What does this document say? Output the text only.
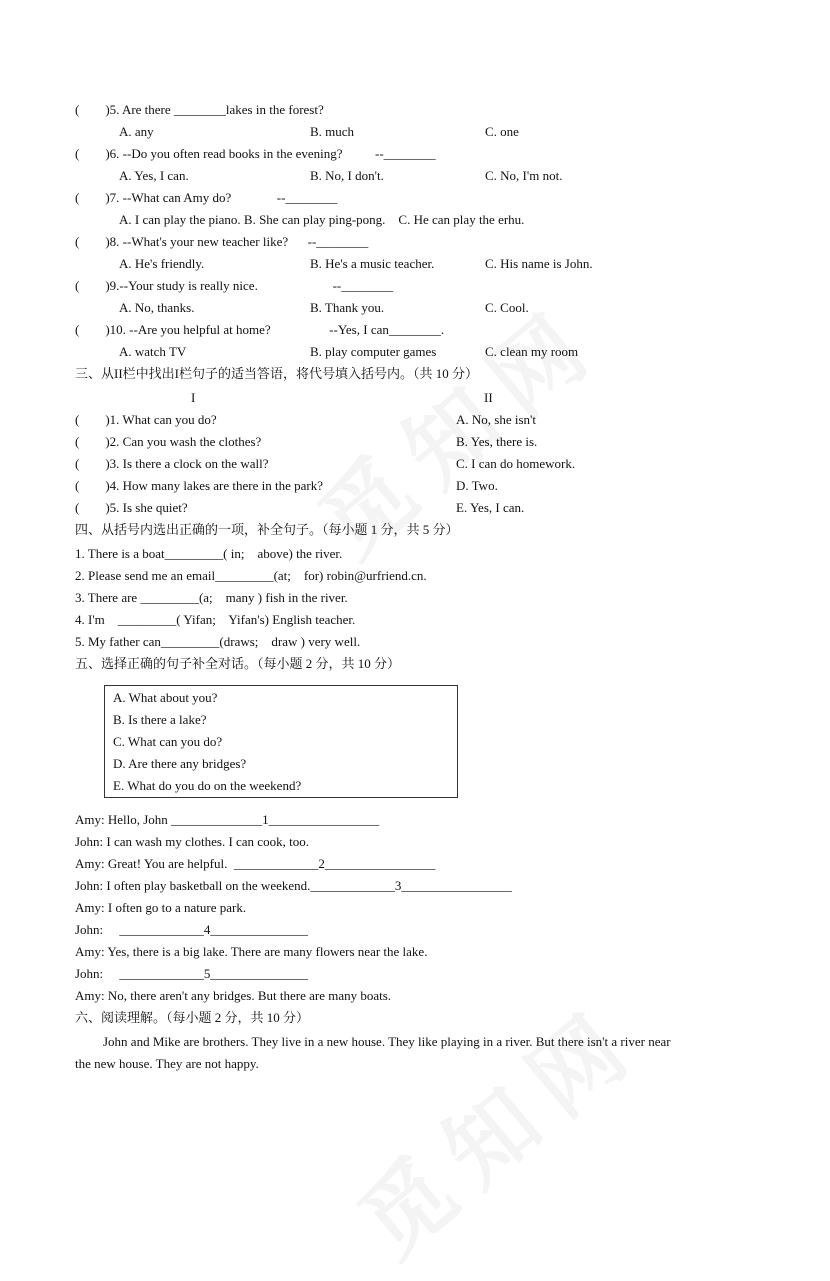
(        )5. Are there ________lakes in the forest?
A. any	B. much	C. one
(        )6. --Do you often read books in the evening?          --________
A. Yes, I can.	B. No, I don't.	C. No, I'm not.
(        )7. --What can Amy do?              --________
A. I can play the piano. B. She can play ping-pong.    C. He can play the erhu.
(        )8. --What's your new teacher like?      --________
A. He's friendly.	B. He's a music teacher.	C. His name is John.
(        )9.--Your study is really nice.                       --________
A. No, thanks.	B. Thank you.	C. Cool.
(        )10. --Are you helpful at home?                  --Yes, I can________.
A. watch TV	B. play computer games	C. clean my room
三、从II栏中找出I栏句子的适当答语，将代号填入括号内。（共 10 分）
I	II
(        )1. What can you do?	A. No, she isn't
(        )2. Can you wash the clothes?	B. Yes, there is.
(        )3. Is there a clock on the wall?	C. I can do homework.
(        )4. How many lakes are there in the park?	D. Two.
(        )5. Is she quiet?	E. Yes, I can.
四、从括号内选出正确的一项，补全句子。（每小题 1 分，共 5 分）
1. There is a boat_________( in;    above) the river.
2. Please send me an email_________(at;    for) robin@urfriend.cn.
3. There are _________(a;    many ) fish in the river.
4. I'm    _________( Yifan;    Yifan's) English teacher.
5. My father can_________(draws;    draw ) very well.
五、选择正确的句子补全对话。（每小题 2 分，共 10 分）
A. What about you?
B. Is there a lake?
C. What can you do?
D. Are there any bridges?
E. What do you do on the weekend?
Amy: Hello, John ______________1_________________
John: I can wash my clothes. I can cook, too.
Amy: Great! You are helpful.  _____________2_________________
John: I often play basketball on the weekend._____________3_________________
Amy: I often go to a nature park.
John:     _____________4_______________
Amy: Yes, there is a big lake. There are many flowers near the lake.
John:     _____________5_______________
Amy: No, there aren't any bridges. But there are many boats.
六、阅读理解。（每小题 2 分，共 10 分）
John and Mike are brothers. They live in a new house. They like playing in a river. But there isn't a river near
the new house. They are not happy.
